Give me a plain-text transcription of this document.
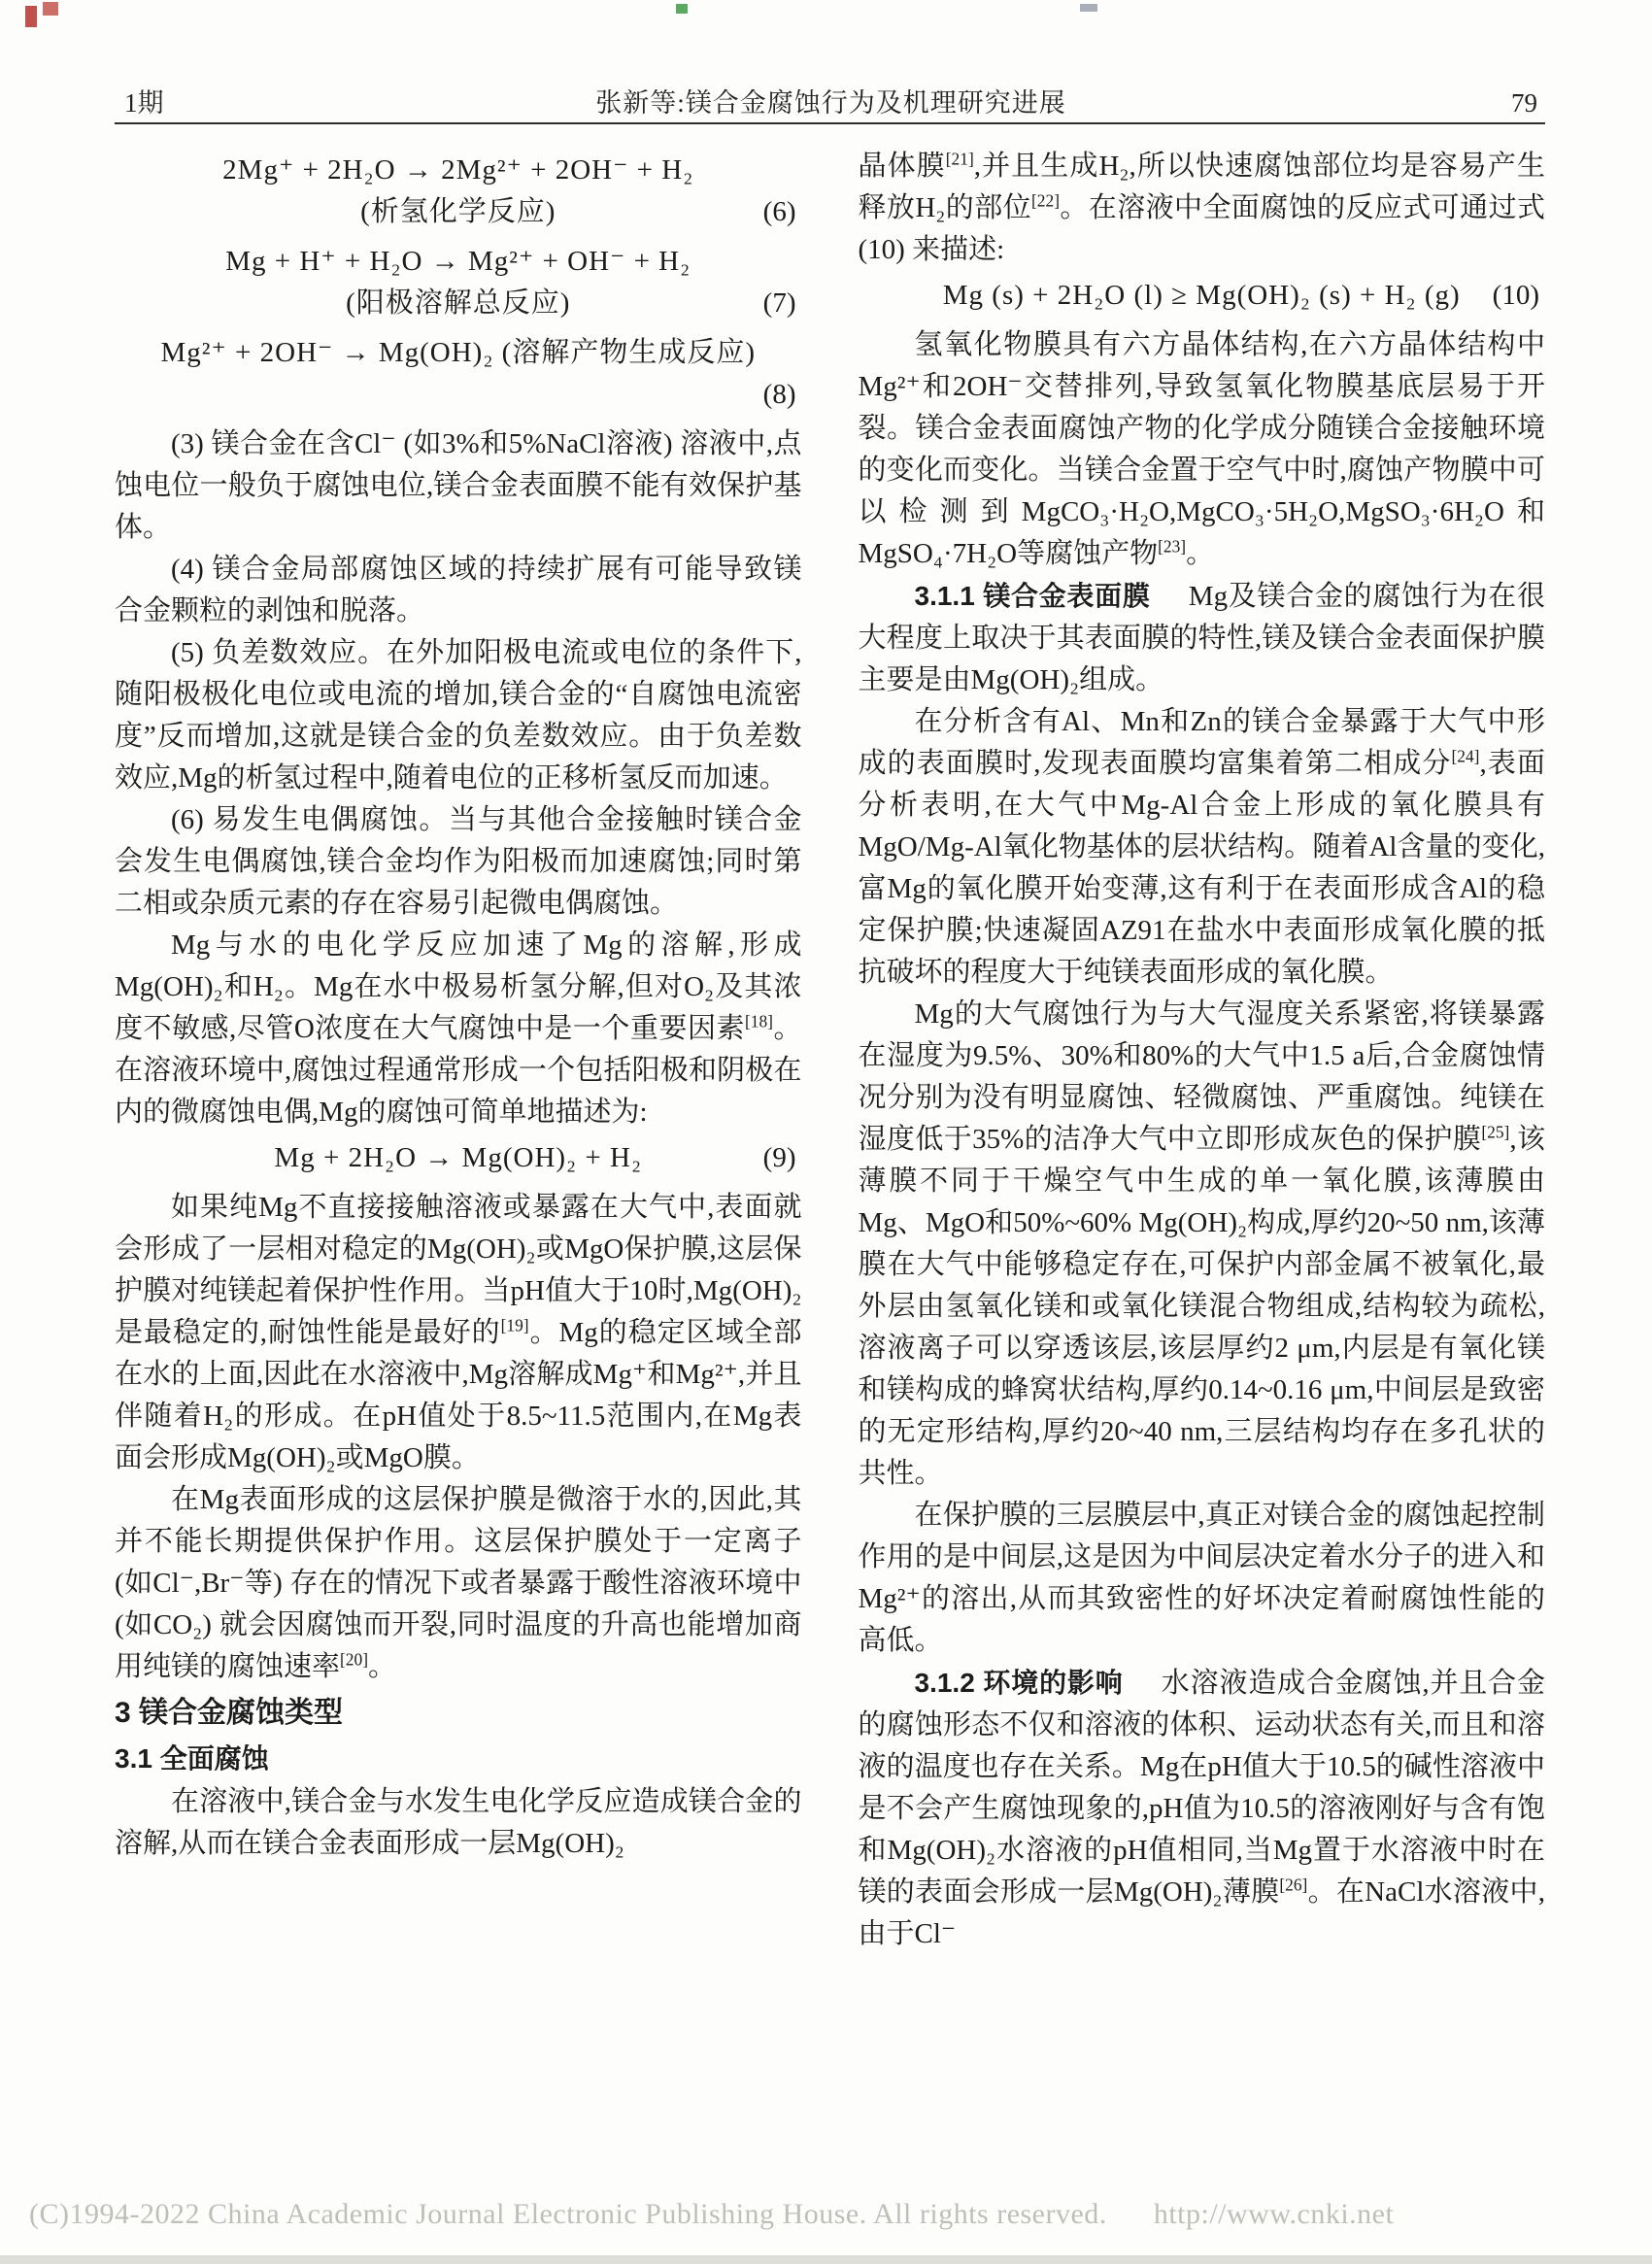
1期	张新等:镁合金腐蚀行为及机理研究进展	79
2Mg⁺ + 2H₂O → 2Mg²⁺ + 2OH⁻ + H₂
(析氢化学反应)	(6)
Mg + H⁺ + H₂O → Mg²⁺ + OH⁻ + H₂
(阳极溶解总反应)	(7)
Mg²⁺ + 2OH⁻ → Mg(OH)₂ (溶解产物生成反应)
(8)

(3) 镁合金在含Cl⁻ (如3%和5%NaCl溶液) 溶液中,点蚀电位一般负于腐蚀电位,镁合金表面膜不能有效保护基体。

(4) 镁合金局部腐蚀区域的持续扩展有可能导致镁合金颗粒的剥蚀和脱落。

(5) 负差数效应。在外加阳极电流或电位的条件下,随阳极极化电位或电流的增加,镁合金的“自腐蚀电流密度”反而增加,这就是镁合金的负差数效应。由于负差数效应,Mg的析氢过程中,随着电位的正移析氢反而加速。

(6) 易发生电偶腐蚀。当与其他合金接触时镁合金会发生电偶腐蚀,镁合金均作为阳极而加速腐蚀;同时第二相或杂质元素的存在容易引起微电偶腐蚀。

Mg与水的电化学反应加速了Mg的溶解,形成Mg(OH)₂和H₂。Mg在水中极易析氢分解,但对O₂及其浓度不敏感,尽管O浓度在大气腐蚀中是一个重要因素[18]。在溶液环境中,腐蚀过程通常形成一个包括阳极和阴极在内的微腐蚀电偶,Mg的腐蚀可简单地描述为:

Mg + 2H₂O → Mg(OH)₂ + H₂	(9)

如果纯Mg不直接接触溶液或暴露在大气中,表面就会形成了一层相对稳定的Mg(OH)₂或MgO保护膜,这层保护膜对纯镁起着保护性作用。当pH值大于10时,Mg(OH)₂是最稳定的,耐蚀性能是最好的[19]。Mg的稳定区域全部在水的上面,因此在水溶液中,Mg溶解成Mg⁺和Mg²⁺,并且伴随着H₂的形成。在pH值处于8.5~11.5范围内,在Mg表面会形成Mg(OH)₂或MgO膜。

在Mg表面形成的这层保护膜是微溶于水的,因此,其并不能长期提供保护作用。这层保护膜处于一定离子 (如Cl⁻,Br⁻等) 存在的情况下或者暴露于酸性溶液环境中 (如CO₂) 就会因腐蚀而开裂,同时温度的升高也能增加商用纯镁的腐蚀速率[20]。

3 镁合金腐蚀类型
3.1 全面腐蚀

在溶液中,镁合金与水发生电化学反应造成镁合金的溶解,从而在镁合金表面形成一层Mg(OH)₂

晶体膜[21],并且生成H₂,所以快速腐蚀部位均是容易产生释放H₂的部位[22]。在溶液中全面腐蚀的反应式可通过式 (10) 来描述:

Mg (s) + 2H₂O (l) ≥ Mg(OH)₂ (s) + H₂ (g) (10)

氢氧化物膜具有六方晶体结构,在六方晶体结构中Mg²⁺和2OH⁻交替排列,导致氢氧化物膜基底层易于开裂。镁合金表面腐蚀产物的化学成分随镁合金接触环境的变化而变化。当镁合金置于空气中时,腐蚀产物膜中可以检测到MgCO₃·H₂O,MgCO₃·5H₂O,MgSO₃·6H₂O和MgSO₄·7H₂O等腐蚀产物[23]。

3.1.1 镁合金表面膜 Mg及镁合金的腐蚀行为在很大程度上取决于其表面膜的特性,镁及镁合金表面保护膜主要是由Mg(OH)₂组成。

在分析含有Al、Mn和Zn的镁合金暴露于大气中形成的表面膜时,发现表面膜均富集着第二相成分[24],表面分析表明,在大气中Mg-Al合金上形成的氧化膜具有MgO/Mg-Al氧化物基体的层状结构。随着Al含量的变化,富Mg的氧化膜开始变薄,这有利于在表面形成含Al的稳定保护膜;快速凝固AZ91在盐水中表面形成氧化膜的抵抗破坏的程度大于纯镁表面形成的氧化膜。

Mg的大气腐蚀行为与大气湿度关系紧密,将镁暴露在湿度为9.5%、30%和80%的大气中1.5 a后,合金腐蚀情况分别为没有明显腐蚀、轻微腐蚀、严重腐蚀。纯镁在湿度低于35%的洁净大气中立即形成灰色的保护膜[25],该薄膜不同于干燥空气中生成的单一氧化膜,该薄膜由Mg、MgO和50%~60% Mg(OH)₂构成,厚约20~50 nm,该薄膜在大气中能够稳定存在,可保护内部金属不被氧化,最外层由氢氧化镁和或氧化镁混合物组成,结构较为疏松,溶液离子可以穿透该层,该层厚约2 μm,内层是有氧化镁和镁构成的蜂窝状结构,厚约0.14~0.16 μm,中间层是致密的无定形结构,厚约20~40 nm,三层结构均存在多孔状的共性。

在保护膜的三层膜层中,真正对镁合金的腐蚀起控制作用的是中间层,这是因为中间层决定着水分子的进入和Mg²⁺的溶出,从而其致密性的好坏决定着耐腐蚀性能的高低。

3.1.2 环境的影响 水溶液造成合金腐蚀,并且合金的腐蚀形态不仅和溶液的体积、运动状态有关,而且和溶液的温度也存在关系。Mg在pH值大于10.5的碱性溶液中是不会产生腐蚀现象的,pH值为10.5的溶液刚好与含有饱和Mg(OH)₂水溶液的pH值相同,当Mg置于水溶液中时在镁的表面会形成一层Mg(OH)₂薄膜[26]。在NaCl水溶液中,由于Cl⁻

(C)1994-2022 China Academic Journal Electronic Publishing House. All rights reserved. http://www.cnki.net
